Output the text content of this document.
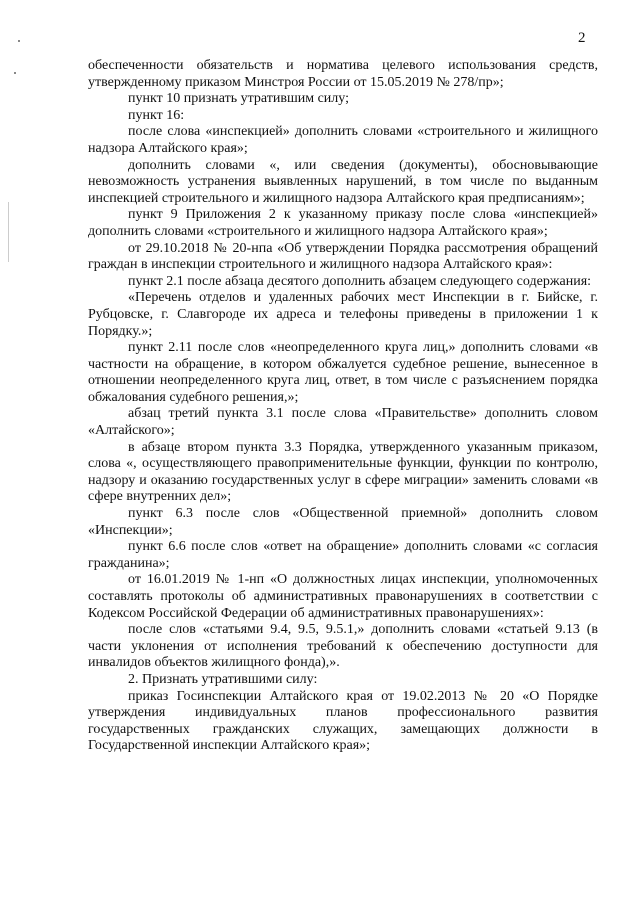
2

обеспеченности обязательств и норматива целевого использования средств, утвержденному приказом Минстроя России от 15.05.2019 № 278/пр»;

пункт 10 признать утратившим силу;

пункт 16:

после слова «инспекцией» дополнить словами «строительного и жилищного надзора Алтайского края»;

дополнить словами «, или сведения (документы), обосновывающие невозможность устранения выявленных нарушений, в том числе по выданным инспекцией строительного и жилищного надзора Алтайского края предписаниям»;

пункт 9 Приложения 2 к указанному приказу после слова «инспекцией» дополнить словами «строительного и жилищного надзора Алтайского края»;

от 29.10.2018 № 20-нпа «Об утверждении Порядка рассмотрения обращений граждан в инспекции строительного и жилищного надзора Алтайского края»:

пункт 2.1 после абзаца десятого дополнить абзацем следующего содержания:

«Перечень отделов и удаленных рабочих мест Инспекции в г. Бийске, г. Рубцовске, г. Славгороде их адреса и телефоны приведены в приложении 1 к Порядку.»;

пункт 2.11 после слов «неопределенного круга лиц,» дополнить словами «в частности на обращение, в котором обжалуется судебное решение, вынесенное в отношении неопределенного круга лиц, ответ, в том числе с разъяснением порядка обжалования судебного решения,»;

абзац третий пункта 3.1 после слова «Правительстве» дополнить словом «Алтайского»;

в абзаце втором пункта 3.3 Порядка, утвержденного указанным приказом, слова «, осуществляющего правоприменительные функции, функции по контролю, надзору и оказанию государственных услуг в сфере миграции» заменить словами «в сфере внутренних дел»;

пункт 6.3 после слов «Общественной приемной» дополнить словом «Инспекции»;

пункт 6.6 после слов «ответ на обращение» дополнить словами «с согласия гражданина»;

от 16.01.2019 № 1-нп «О должностных лицах инспекции, уполномоченных составлять протоколы об административных правонарушениях в соответствии с Кодексом Российской Федерации об административных правонарушениях»:

после слов «статьями 9.4, 9.5, 9.5.1,» дополнить словами «статьей 9.13 (в части уклонения от исполнения требований к обеспечению доступности для инвалидов объектов жилищного фонда),».

2. Признать утратившими силу:

приказ Госинспекции Алтайского края от 19.02.2013 № 20 «О Порядке утверждения индивидуальных планов профессионального развития государственных гражданских служащих, замещающих должности в Государственной инспекции Алтайского края»;
